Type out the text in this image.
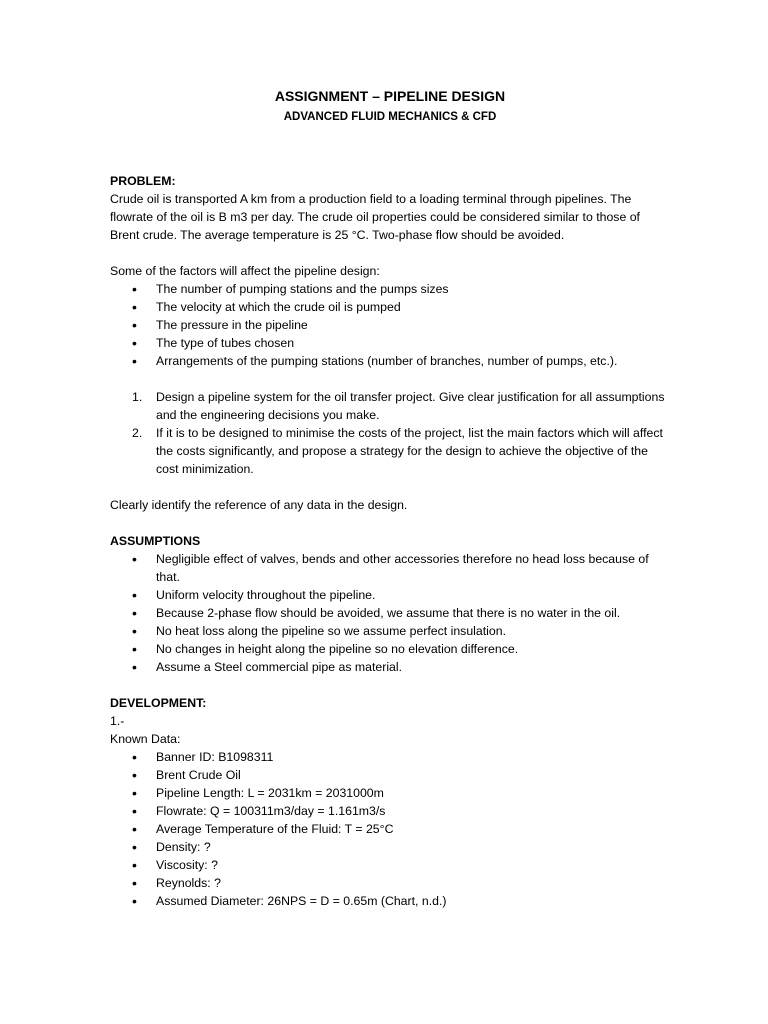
ASSIGNMENT – PIPELINE DESIGN
ADVANCED FLUID MECHANICS & CFD

PROBLEM:

Crude oil is transported A km from a production field to a loading terminal through pipelines. The flowrate of the oil is B m3 per day. The crude oil properties could be considered similar to those of Brent crude. The average temperature is 25 °C. Two-phase flow should be avoided.

Some of the factors will affect the pipeline design:

• The number of pumping stations and the pumps sizes
• The velocity at which the crude oil is pumped
• The pressure in the pipeline
• The type of tubes chosen
• Arrangements of the pumping stations (number of branches, number of pumps, etc.).
1. Design a pipeline system for the oil transfer project. Give clear justification for all assumptions and the engineering decisions you make.
2. If it is to be designed to minimise the costs of the project, list the main factors which will affect the costs significantly, and propose a strategy for the design to achieve the objective of the cost minimization.

Clearly identify the reference of any data in the design.

ASSUMPTIONS

• Negligible effect of valves, bends and other accessories therefore no head loss because of that.
• Uniform velocity throughout the pipeline.
• Because 2-phase flow should be avoided, we assume that there is no water in the oil.
• No heat loss along the pipeline so we assume perfect insulation.
• No changes in height along the pipeline so no elevation difference.
• Assume a Steel commercial pipe as material.

DEVELOPMENT:

1.-

Known Data:

• Banner ID: B1098311
• Brent Crude Oil
• Pipeline Length: L = 2031km = 2031000m
• Flowrate: Q = 100311m3/day = 1.161m3/s
• Average Temperature of the Fluid: T = 25°C
• Density: ?
• Viscosity: ?
• Reynolds: ?
• Assumed Diameter: 26NPS = D = 0.65m (Chart, n.d.)
